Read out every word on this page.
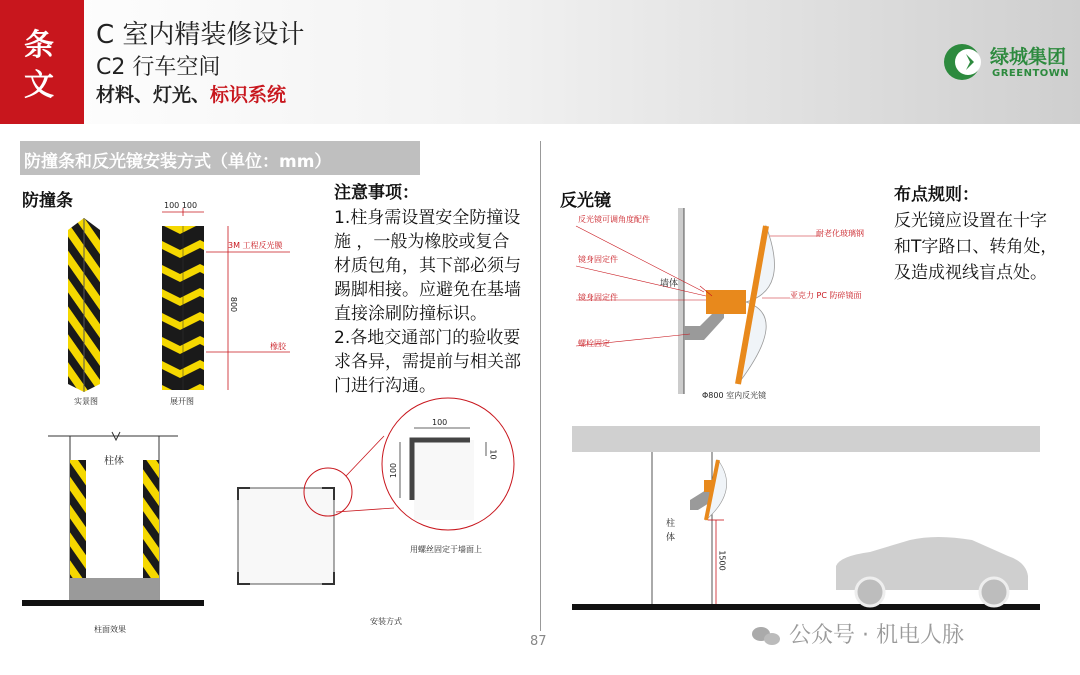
条
文
C 室内精装修设计
C2 行车空间
材料、灯光、标识系统
绿城集团
GREENTOWN
防撞条和反光镜安装方式（单位：mm）
防撞条	100 100
3M 工程反光膜
800
橡胶
实景图	展开图
柱体
柱面效果
100
100
10
用螺丝固定于墙面上
安装方式
注意事项：
1.柱身需设置安全防撞设
施 ，一般为橡胶或复合
材质包角，其下部必须与
踢脚相接。应避免在基墙
直接涂刷防撞标识。
2.各地交通部门的验收要
求各异，需提前与相关部
门进行沟通。
反光镜
反光镜可调角度配件
镜身固定件
墙体
镜身固定件
螺栓固定
耐老化玻璃钢
亚克力 PC 防碎镜面
Φ800 室内反光镜
柱
体
1500
布点规则：
反光镜应设置在十字
和T字路口、转角处，
及造成视线盲点处。
87	公众号 · 机电人脉
